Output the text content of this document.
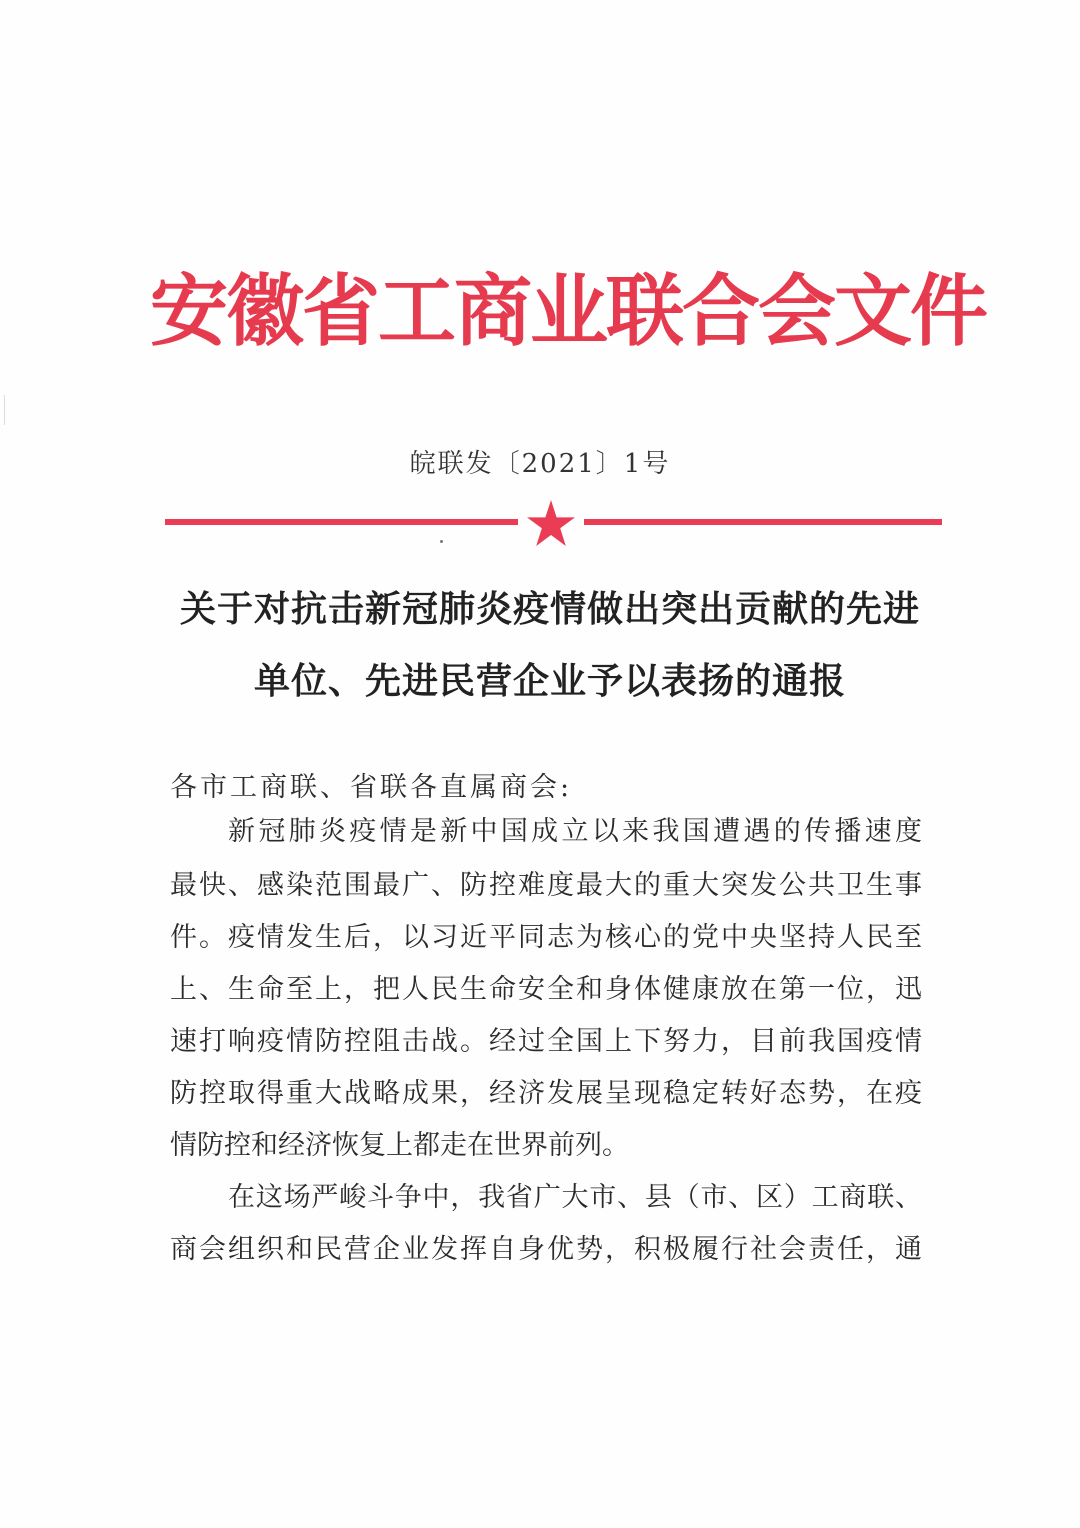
安徽省工商业联合会文件
皖联发〔2021〕1号
关于对抗击新冠肺炎疫情做出突出贡献的先进
单位、先进民营企业予以表扬的通报
各市工商联、省联各直属商会:
新冠肺炎疫情是新中国成立以来我国遭遇的传播速度
最快、感染范围最广、防控难度最大的重大突发公共卫生事
件。疫情发生后，以习近平同志为核心的党中央坚持人民至
上、生命至上，把人民生命安全和身体健康放在第一位，迅
速打响疫情防控阻击战。经过全国上下努力，目前我国疫情
防控取得重大战略成果，经济发展呈现稳定转好态势，在疫
情防控和经济恢复上都走在世界前列。
在这场严峻斗争中，我省广大市、县（市、区）工商联、
商会组织和民营企业发挥自身优势，积极履行社会责任，通
